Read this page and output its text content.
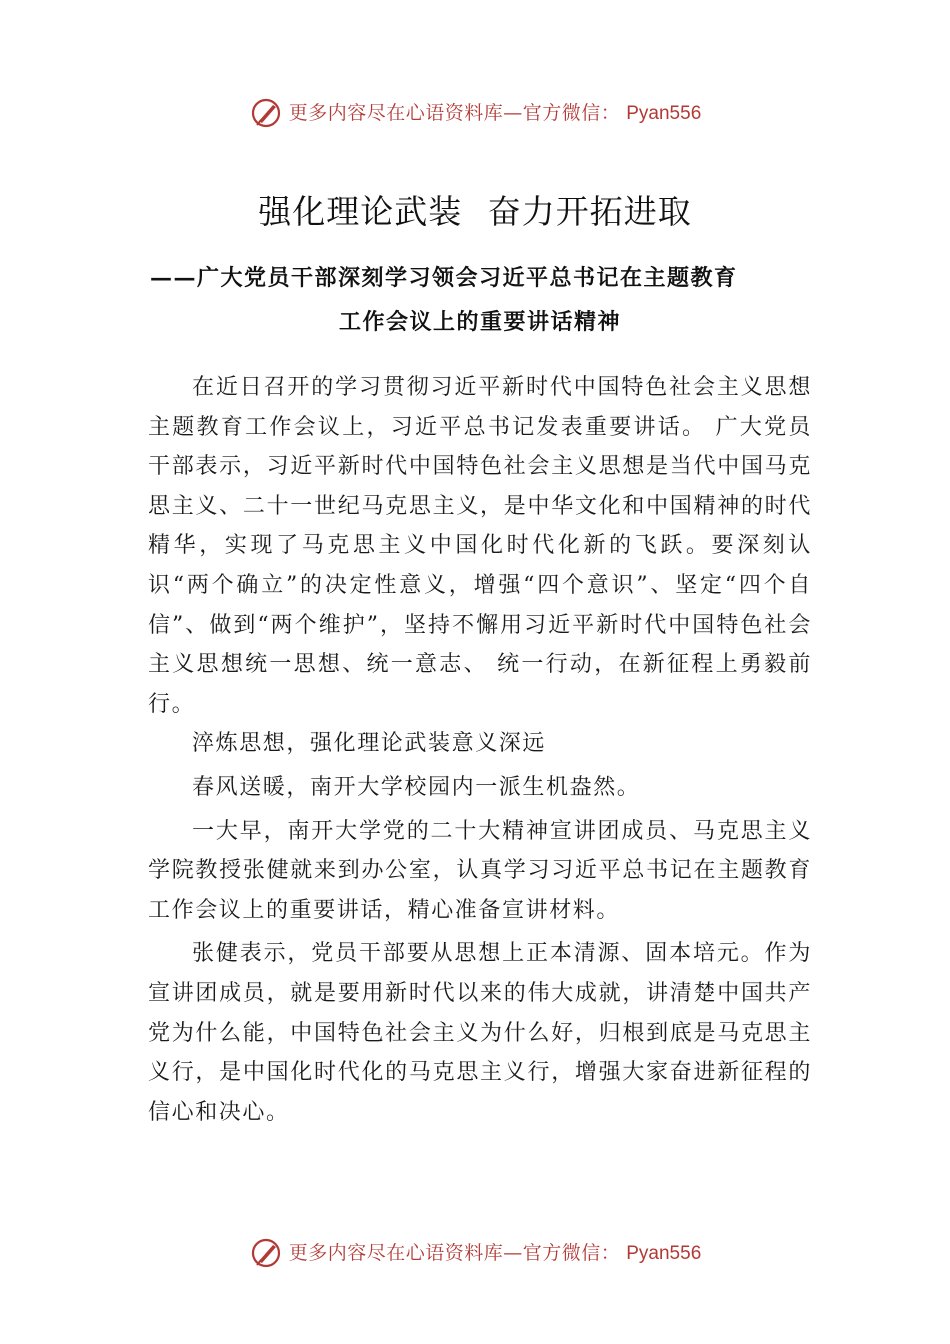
更多内容尽在心语资料库—官方微信： Pyan556
强化理论武装 奋力开拓进取
——广大党员干部深刻学习领会习近平总书记在主题教育
工作会议上的重要讲话精神

在近日召开的学习贯彻习近平新时代中国特色社会主义思想主题教育工作会议上，习近平总书记发表重要讲话。 广大党员干部表示，习近平新时代中国特色社会主义思想是当代中国马克思主义、二十一世纪马克思主义，是中华文化和中国精神的时代精华，实现了马克思主义中国化时代化新的飞跃。要深刻认识“两个确立”的决定性意义，增强“四个意识”、坚定“四个自信”、做到“两个维护”，坚持不懈用习近平新时代中国特色社会主义思想统一思想、统一意志、 统一行动，在新征程上勇毅前行。

淬炼思想，强化理论武装意义深远

春风送暖，南开大学校园内一派生机盎然。

一大早，南开大学党的二十大精神宣讲团成员、马克思主义学院教授张健就来到办公室，认真学习习近平总书记在主题教育工作会议上的重要讲话，精心准备宣讲材料。

张健表示，党员干部要从思想上正本清源、固本培元。作为宣讲团成员，就是要用新时代以来的伟大成就，讲清楚中国共产党为什么能，中国特色社会主义为什么好，归根到底是马克思主义行，是中国化时代化的马克思主义行，增强大家奋进新征程的信心和决心。

更多内容尽在心语资料库—官方微信： Pyan556
